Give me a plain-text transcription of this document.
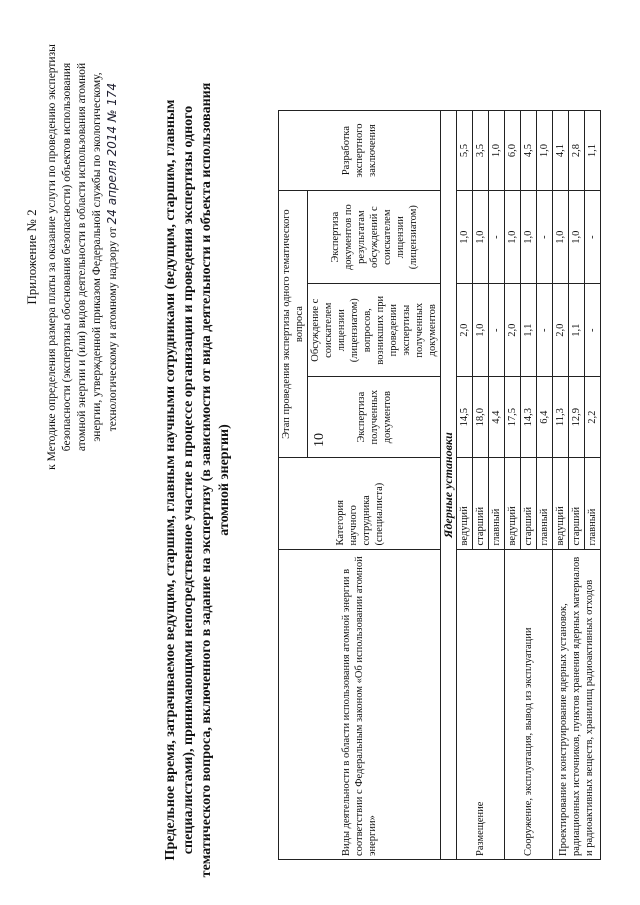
10
Приложение № 2 к Методике определения размера платы за оказание услуги по проведению экспертизы безопасности (экспертизы обоснования безопасности) объектов использования атомной энергии и (или) видов деятельности в области использования атомной энергии, утвержденной приказом Федеральной службы по экологическому, технологическому и атомному надзору от 24 апреля 2014 № 174	Предельное время, затрачиваемое ведущим, старшим, главным научными сотрудниками (ведущим, старшим, главным специалистами), принимающими непосредственное участие в процессе организации и проведения экспертизы одного тематического вопроса, включенного в задание на экспертизу (в зависимости от вида деятельности и объекта использования атомной энергии)
Виды деятельности в области использования атомной энергии в соответствии с Федеральным законом «Об использовании атомной энергии»	Категория научного сотрудника (специалиста)	Этап проведения экспертизы одного тематического вопроса			Разработка экспертного заключения
		Экспертиза полученных документов	Обсуждение с соискателем лицензии (лицензиатом) вопросов, возникших при проведении экспертизы полученных документов	Экспертиза документов по результатам обсуждений с соискателем лицензии (лицензиатом)	
Ядерные установки					
Размещение	ведущий	14,5	2,0	1,0	5,5
	старший	18,0	1,0	1,0	3,5
	главный	4,4	-	-	1,0
Сооружение, эксплуатация, вывод из эксплуатации	ведущий	17,5	2,0	1,0	6,0
	старший	14,3	1,1	1,0	4,5
	главный	6,4	-	-	1,0
Проектирование и конструирование ядерных установок, радиационных источников, пунктов хранения ядерных материалов и радиоактивных веществ, хранилищ радиоактивных отходов	ведущий	11,3	2,0	1,0	4,1
	старший	12,9	1,1	1,0	2,8
	главный	2,2	-	-	1,1
